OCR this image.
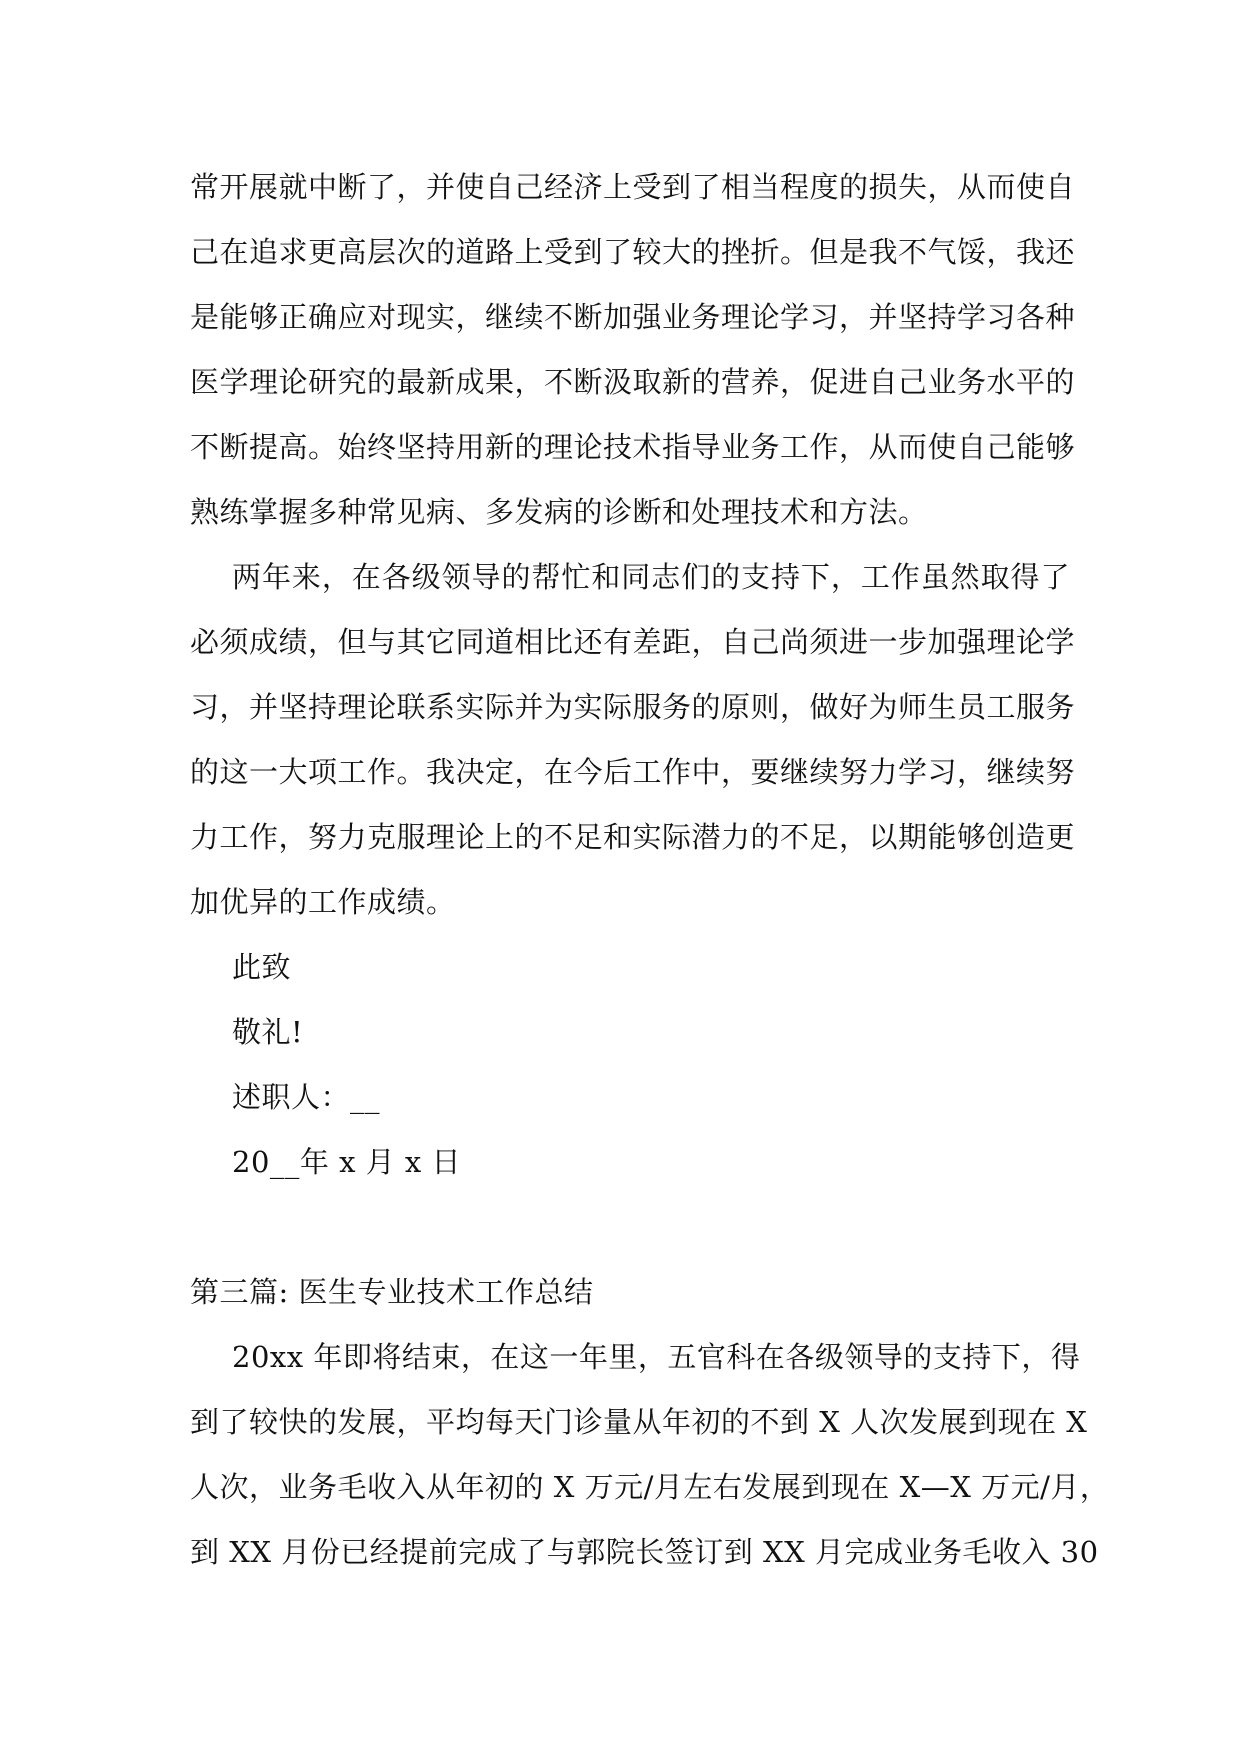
常开展就中断了，并使自己经济上受到了相当程度的损失，从而使自
己在追求更高层次的道路上受到了较大的挫折。但是我不气馁，我还
是能够正确应对现实，继续不断加强业务理论学习，并坚持学习各种
医学理论研究的最新成果，不断汲取新的营养，促进自己业务水平的
不断提高。始终坚持用新的理论技术指导业务工作，从而使自己能够
熟练掌握多种常见病、多发病的诊断和处理技术和方法。
两年来，在各级领导的帮忙和同志们的支持下，工作虽然取得了
必须成绩，但与其它同道相比还有差距，自己尚须进一步加强理论学
习，并坚持理论联系实际并为实际服务的原则，做好为师生员工服务
的这一大项工作。我决定，在今后工作中，要继续努力学习，继续努
力工作，努力克服理论上的不足和实际潜力的不足，以期能够创造更
加优异的工作成绩。
此致
敬礼!
述职人：__
20__年 x 月 x 日
第三篇: 医生专业技术工作总结
20xx 年即将结束，在这一年里，五官科在各级领导的支持下，得
到了较快的发展，平均每天门诊量从年初的不到 X 人次发展到现在 X
人次，业务毛收入从年初的 X 万元/月左右发展到现在 X—X 万元/月，
到 XX 月份已经提前完成了与郭院长签订到 XX 月完成业务毛收入 30
